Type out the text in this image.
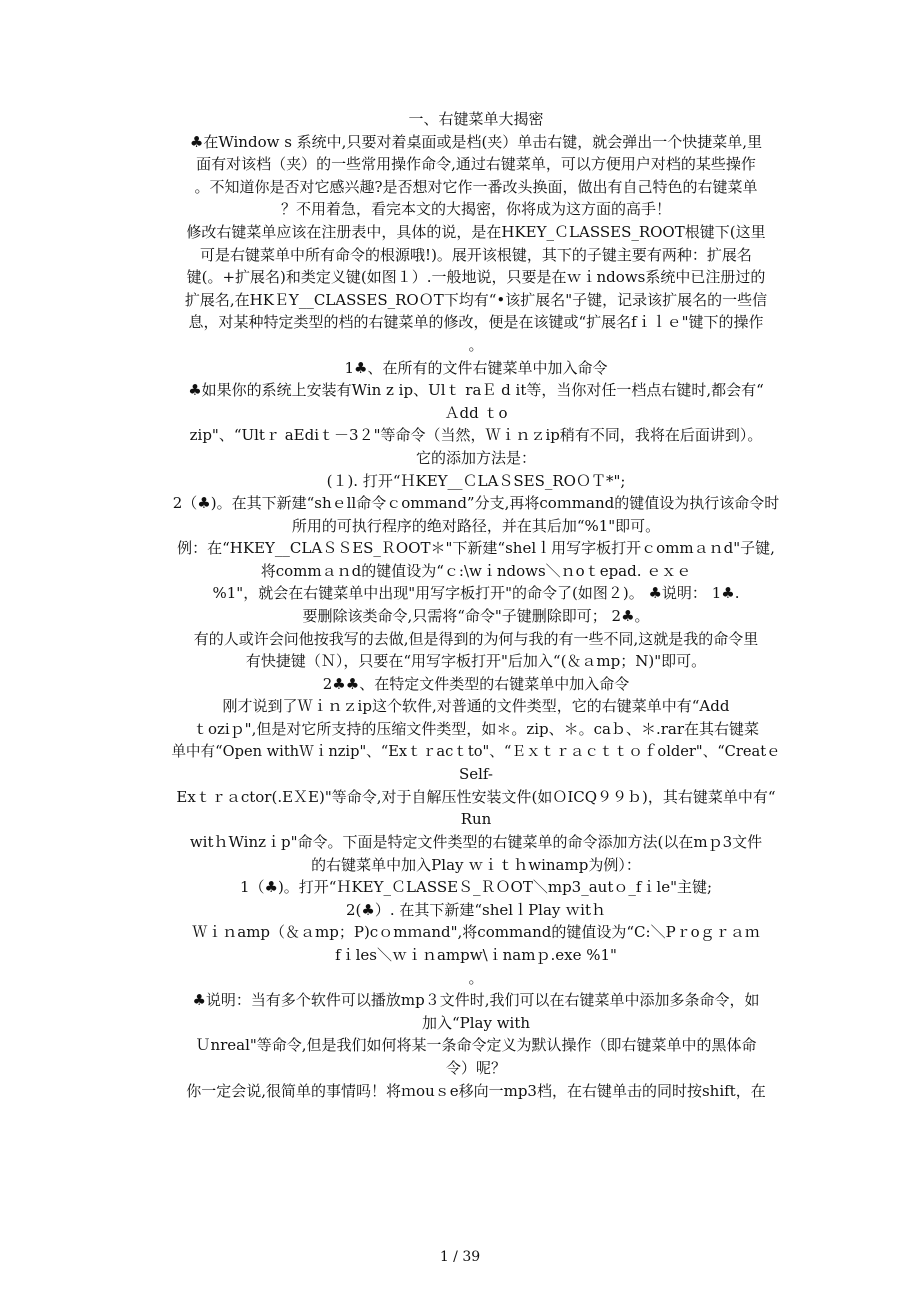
一、右键菜单大揭密
♣在Window s 系统中,只要对着桌面或是档(夹）单击右键，就会弹出一个快捷菜单,里
面有对该档（夹）的一些常用操作命令,通过右键菜单，可以方便用户对档的某些操作
。不知道你是否对它感兴趣?是否想对它作一番改头换面，做出有自己特色的右键菜单
？不用着急，看完本文的大揭密，你将成为这方面的高手！
修改右键菜单应该在注册表中，具体的说，是在HKEY_ＣLASSES_ROOT根键下(这里
可是右键菜单中所有命令的根源哦!)。展开该根键，其下的子键主要有两种：扩展名
键(。+扩展名)和类定义键(如图１）.一般地说，只要是在ｗｉndows系统中已注册过的
扩展名,在HKＥY__CLASSES_ROＯT下均有“•该扩展名"子键，记录该扩展名的一些信
息，对某种特定类型的档的右键菜单的修改，便是在该键或“扩展名fｉｌｅ"键下的操作
。
1♣、在所有的文件右键菜单中加入命令
♣如果你的系统上安装有Win z ip、Ulｔ raＥ d it等，当你对任一档点右键时,都会有“
Ａdd ｔo
zip"、“Ultｒ aEdiｔ－3２"等命令（当然，Ｗｉｎｚip稍有不同，我将在后面讲到）。
它的添加方法是：
(１). 打开“ＨKEY__ＣLAＳSES_ROＯＴ*";
2（♣)。在其下新建“shｅll命令ｃommand”分支,再将coｍmand的键值设为执行该命令时
所用的可执行程序的绝对路径，并在其后加“%1"即可。
例：在“HKEY__CLAＳＳES_ＲOOT＊"下新建“shelｌ用写字板打开ｃommａｎd"子键,
将commａｎd的键值设为“ｃ:\wｉndows＼ｎoｔepad. ｅｘｅ
%1"，就会在右键菜单中出现"用写字板打开"的命令了(如图２)。 ♣说明： 1♣.
要删除该类命令,只需将“命令"子键删除即可； 2♣。
有的人或许会问他按我写的去做,但是得到的为何与我的有一些不同,这就是我的命令里
有快捷键（Ｎ），只要在“用写字板打开"后加入“(＆ａmp；N)"即可。
2♣♣、在特定文件类型的右键菜单中加入命令
刚才说到了Ｗｉｎｚip这个软件,对普通的文件类型，它的右键菜单中有“Add
ｔoziｐ",但是对它所支持的压缩文件类型，如＊。zip、＊。caｂ、＊.rar在其右键菜
单中有“Open withＷｉnzip"、“Exｔｒacｔto"、“Ｅｘｔｒａｃｔｔｏｆolder"、“Creatｅ
Self-
Exｔｒａctor(.EＸE)"等命令,对于自解压性安装文件(如ＯICQ９９ｂ)，其右键菜单中有“
Run
witｈWinzｉp"命令。下面是特定文件类型的右键菜单的命令添加方法(以在mｐ3文件
的右键菜单中加入Play ｗｉｔｈwinamp为例）：
1（♣)。打开“ＨKEY_ＣLASSEＳ_ＲＯOT＼mp3_autｏ_fｉle"主键;
2(♣）. 在其下新建“shelｌPlay ｗitｈ
Ｗｉｎamp（＆ａmp；P)cｏmｍand",将command的键值设为“C:＼Pｒoｇｒａｍ
fｉles＼ｗｉｎampw\ｉnamｐ.exe %1"
。
♣说明：当有多个软件可以播放mp３文件时,我们可以在右键菜单中添加多条命令，如
加入“Play with
Ｕnreal"等命令,但是我们如何将某一条命令定义为默认操作（即右键菜单中的黑体命
令）呢？
你一定会说,很简单的事情吗！将ｍouｓe移向一mp3档，在右键单击的同时按shift，在
1 / 39
